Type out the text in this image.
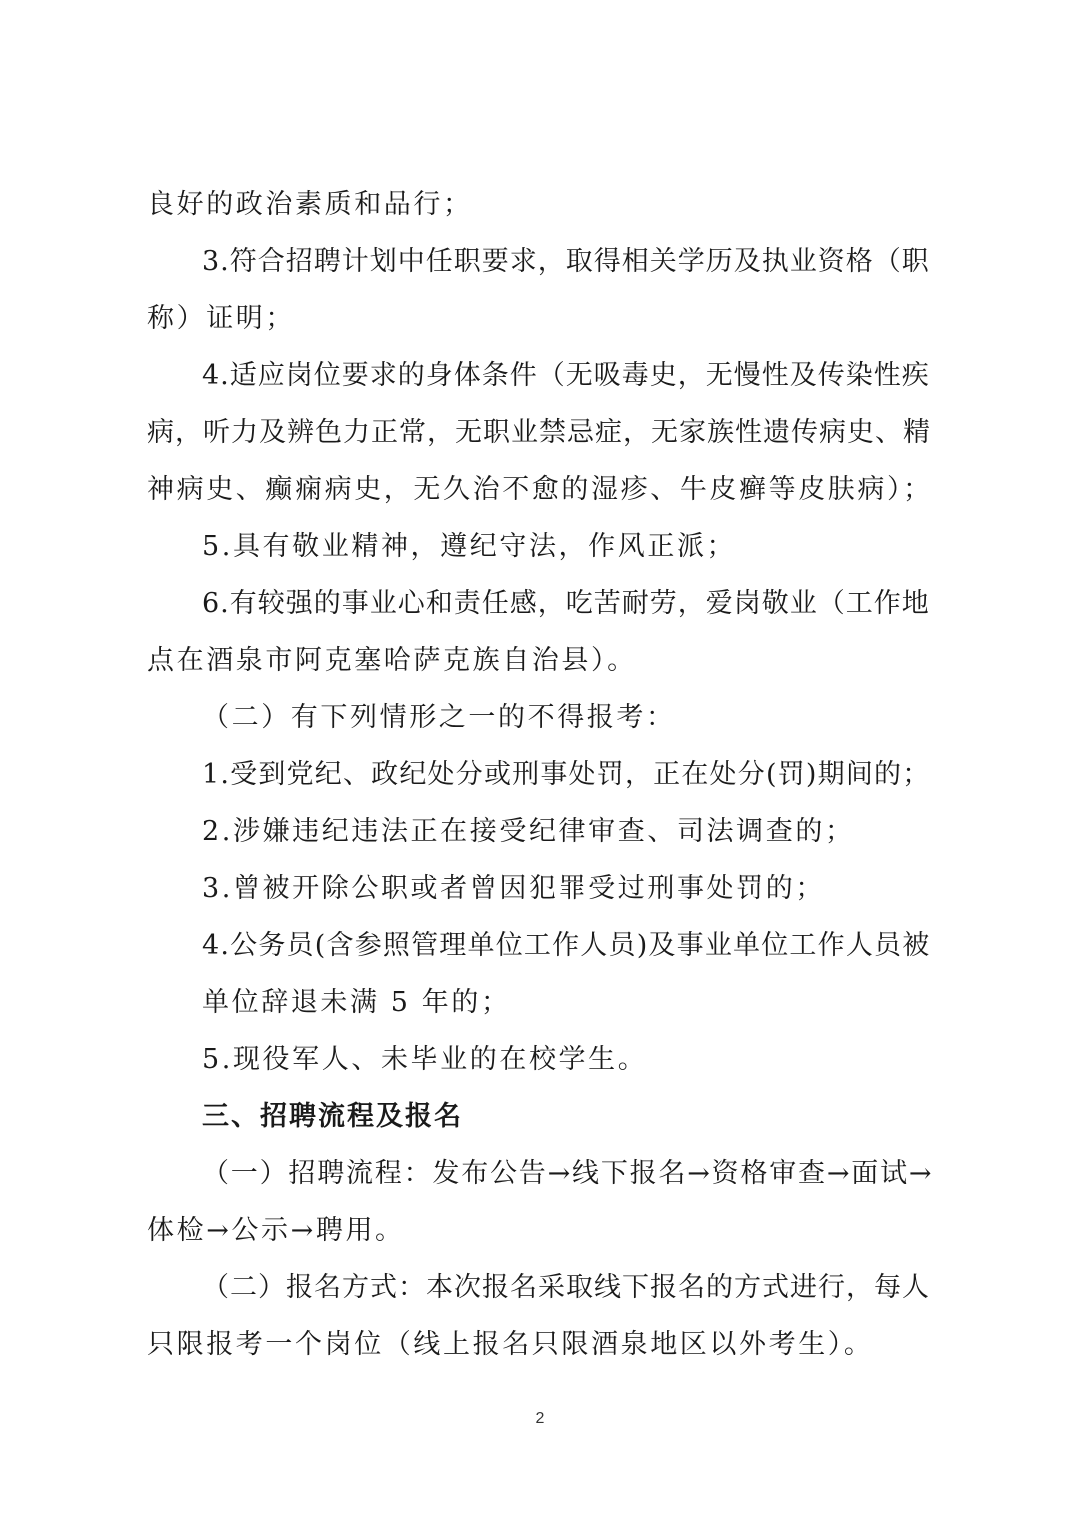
良好的政治素质和品行；
3.符合招聘计划中任职要求，取得相关学历及执业资格（职
称）证明；
4.适应岗位要求的身体条件（无吸毒史，无慢性及传染性疾
病，听力及辨色力正常，无职业禁忌症，无家族性遗传病史、精
神病史、癫痫病史，无久治不愈的湿疹、牛皮癣等皮肤病）；
5.具有敬业精神，遵纪守法，作风正派；
6.有较强的事业心和责任感，吃苦耐劳，爱岗敬业（工作地
点在酒泉市阿克塞哈萨克族自治县）。
（二）有下列情形之一的不得报考：
1.受到党纪、政纪处分或刑事处罚，正在处分(罚)期间的；
2.涉嫌违纪违法正在接受纪律审查、司法调查的；
3.曾被开除公职或者曾因犯罪受过刑事处罚的；
4.公务员(含参照管理单位工作人员)及事业单位工作人员被
单位辞退未满 5 年的；
5.现役军人、未毕业的在校学生。
三、招聘流程及报名
（一）招聘流程：发布公告→线下报名→资格审查→面试→
体检→公示→聘用。
（二）报名方式：本次报名采取线下报名的方式进行，每人
只限报考一个岗位（线上报名只限酒泉地区以外考生）。
2
